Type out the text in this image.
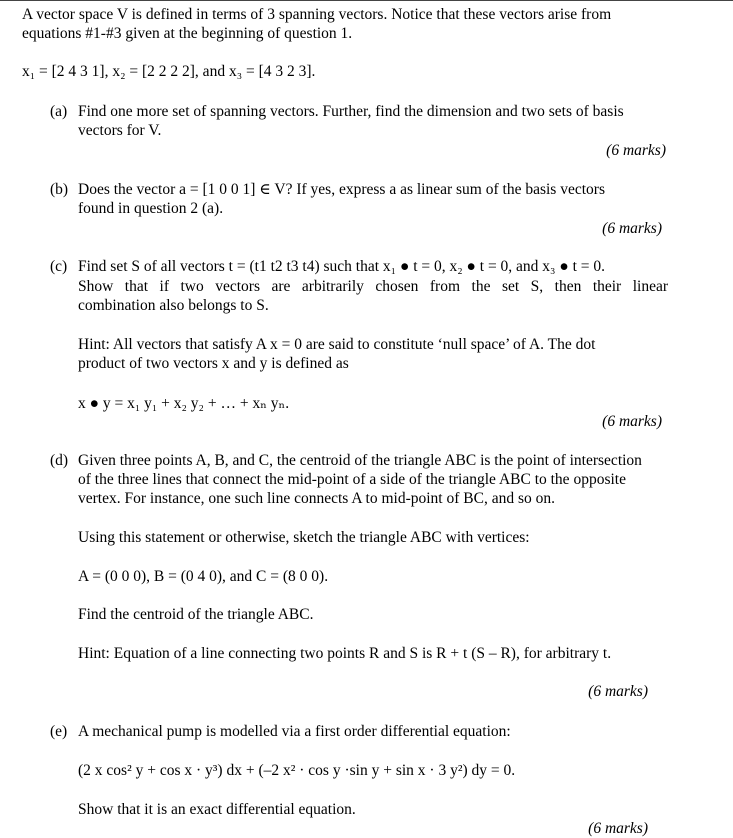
A vector space V is defined in terms of 3 spanning vectors. Notice that these vectors arise from
equations #1-#3 given at the beginning of question 1.
x₁ = [2 4 3 1], x₂ = [2 2 2 2], and x₃ = [4 3 2 3].
(a) Find one more set of spanning vectors. Further, find the dimension and two sets of basis
vectors for V.
(6 marks)
(b) Does the vector a = [1 0 0 1] ∈ V? If yes, express a as linear sum of the basis vectors
found in question 2 (a).
(6 marks)
(c) Find set S of all vectors t = (t1 t2 t3 t4) such that x₁ ● t = 0, x₂ ● t = 0, and x₃ ● t = 0.
Show that if two vectors are arbitrarily chosen from the set S, then their linear
combination also belongs to S.
Hint: All vectors that satisfy A x = 0 are said to constitute ‘null space’ of A. The dot
product of two vectors x and y is defined as
x ● y = x₁ y₁ + x₂ y₂ + … + xₙ yₙ.
(6 marks)
(d) Given three points A, B, and C, the centroid of the triangle ABC is the point of intersection
of the three lines that connect the mid-point of a side of the triangle ABC to the opposite
vertex. For instance, one such line connects A to mid-point of BC, and so on.
Using this statement or otherwise, sketch the triangle ABC with vertices:
A = (0 0 0), B = (0 4 0), and C = (8 0 0).
Find the centroid of the triangle ABC.
Hint: Equation of a line connecting two points R and S is R + t (S – R), for arbitrary t.
(6 marks)
(e) A mechanical pump is modelled via a first order differential equation:
(2 x cos² y + cos x · y³) dx + (–2 x² · cos y ·sin y + sin x · 3 y²) dy = 0.
Show that it is an exact differential equation.
(6 marks)
